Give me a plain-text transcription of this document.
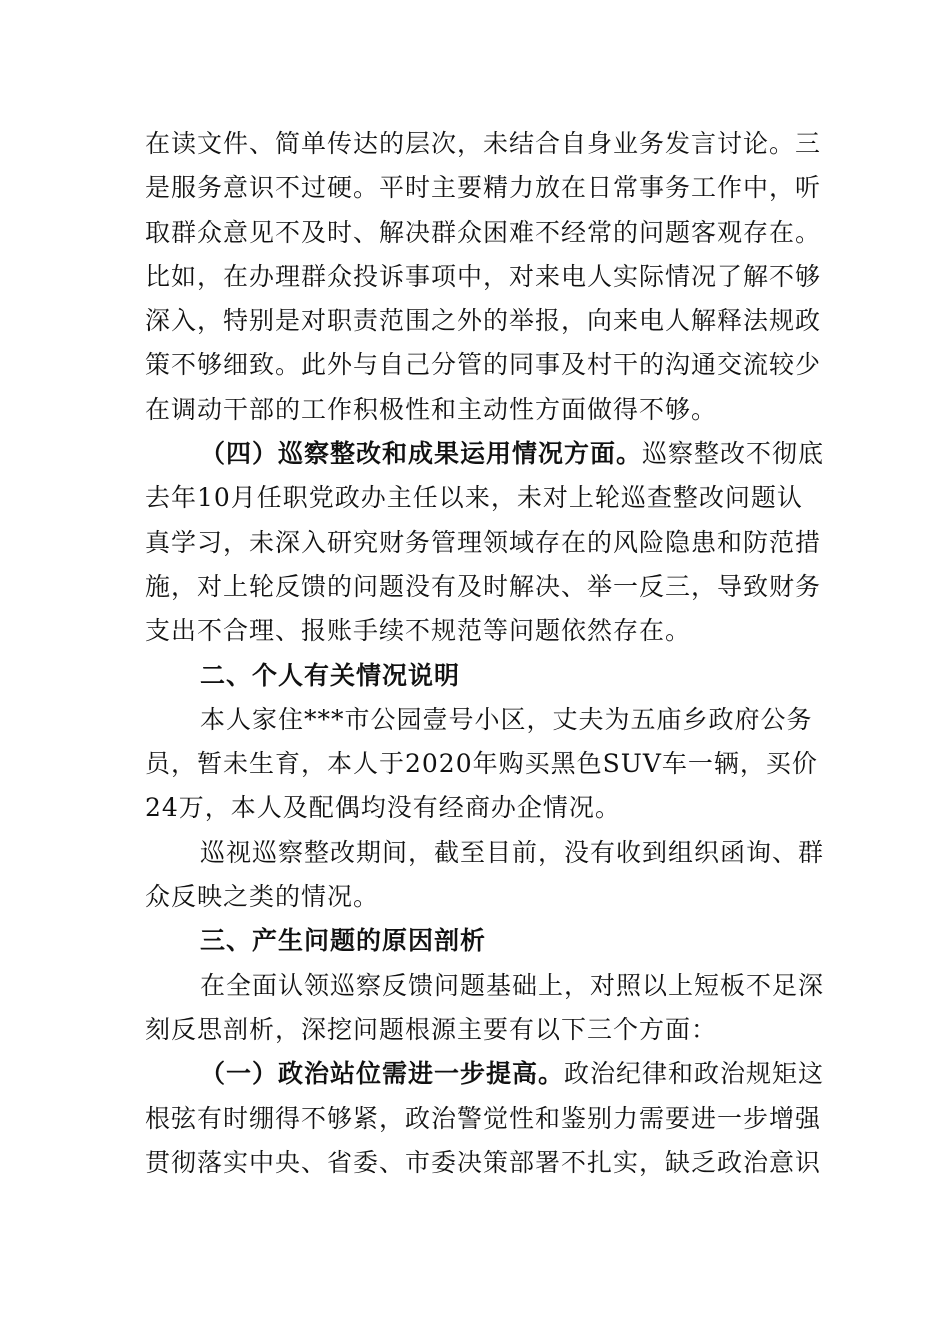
在读文件、简单传达的层次，未结合自身业务发言讨论。三
是服务意识不过硬。平时主要精力放在日常事务工作中，听
取群众意见不及时、解决群众困难不经常的问题客观存在。
比如，在办理群众投诉事项中，对来电人实际情况了解不够
深入，特别是对职责范围之外的举报，向来电人解释法规政
策不够细致。此外与自己分管的同事及村干的沟通交流较少
在调动干部的工作积极性和主动性方面做得不够。
（四）巡察整改和成果运用情况方面。巡察整改不彻底
去年10月任职党政办主任以来，未对上轮巡查整改问题认
真学习，未深入研究财务管理领域存在的风险隐患和防范措
施，对上轮反馈的问题没有及时解决、举一反三，导致财务
支出不合理、报账手续不规范等问题依然存在。
二、个人有关情况说明
本人家住***市公园壹号小区，丈夫为五庙乡政府公务
员，暂未生育，本人于2020年购买黑色SUV车一辆，买价
24万，本人及配偶均没有经商办企情况。
巡视巡察整改期间，截至目前，没有收到组织函询、群
众反映之类的情况。
三、产生问题的原因剖析
在全面认领巡察反馈问题基础上，对照以上短板不足深
刻反思剖析，深挖问题根源主要有以下三个方面：
（一）政治站位需进一步提高。政治纪律和政治规矩这
根弦有时绷得不够紧，政治警觉性和鉴别力需要进一步增强
贯彻落实中央、省委、市委决策部署不扎实，缺乏政治意识
